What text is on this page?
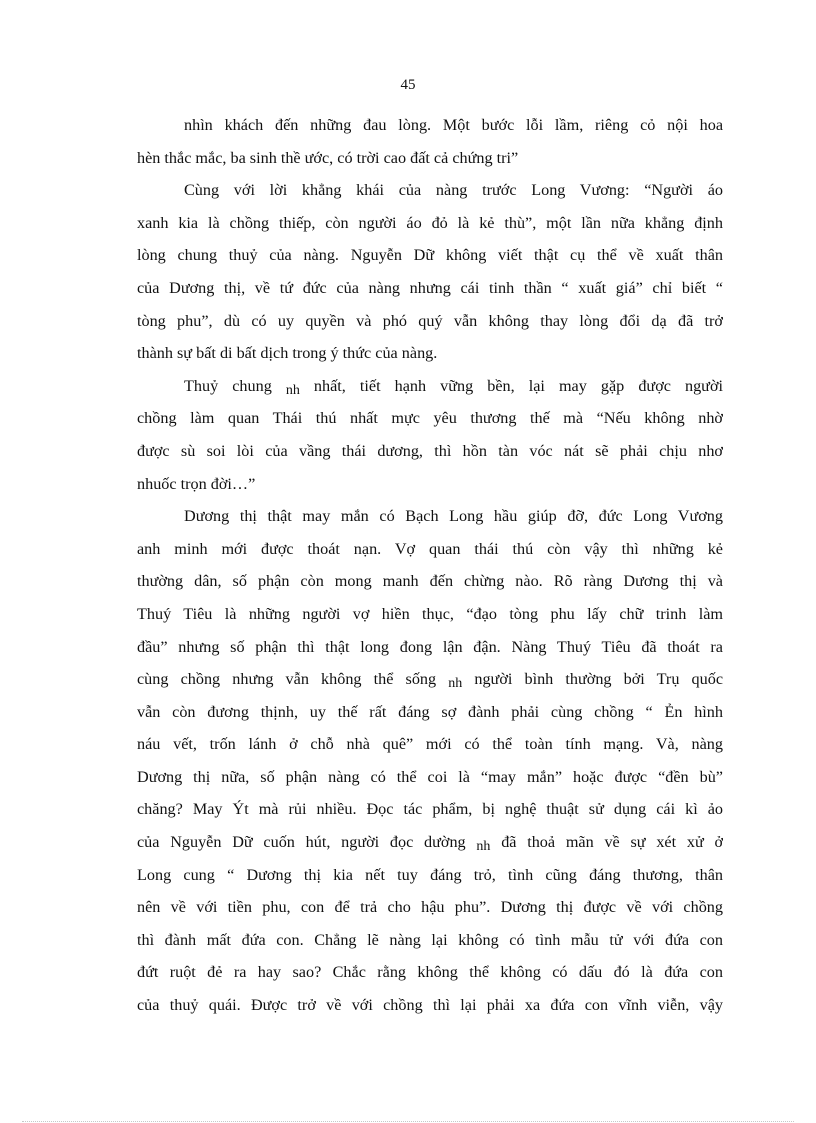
45
nhìn khách đến những đau lòng. Một bước lỗi lầm, riêng cỏ nội hoa
hèn thắc mắc, ba sinh thề ước, có trời cao đất cả chứng tri”
Cùng với lời khẳng khái của nàng trước Long Vương: “Người áo
xanh kia là chồng thiếp, còn người áo đỏ là kẻ thù”, một lần nữa khẳng định
lòng chung thuỷ của nàng. Nguyễn Dữ không viết thật cụ thể về xuất thân
của Dương thị, về tứ đức của nàng nhưng cái tinh thần “ xuất giá” chỉ biết “
tòng phu”, dù có uy quyền và phó quý vẫn không thay lòng đổi dạ đã trở
thành sự bất di bất dịch trong ý thức của nàng.
Thuỷ chung nh nhất, tiết hạnh vững bền, lại may gặp được người
chồng làm quan Thái thú nhất mực yêu thương thế mà “Nếu không nhờ
được sù soi lòi của vầng thái dương, thì hồn tàn vóc nát sẽ phải chịu nhơ
nhuốc trọn đời…”
Dương thị thật may mắn có Bạch Long hầu giúp đỡ, đức Long Vương
anh minh mới được thoát nạn. Vợ quan thái thú còn vậy thì những kẻ
thường dân, số phận còn mong manh đến chừng nào. Rõ ràng Dương thị và
Thuý Tiêu là những người vợ hiền thục, “đạo tòng phu lấy chữ trinh làm
đầu” nhưng số phận thì thật long đong lận đận. Nàng Thuý Tiêu đã thoát ra
cùng chồng nhưng vẫn không thể sống nh người bình thường bởi Trụ quốc
vẫn còn đương thịnh, uy thế rất đáng sợ đành phải cùng chồng “ Ẻn hình
náu vết, trốn lánh ở chỗ nhà quê” mới có thể toàn tính mạng. Và, nàng
Dương thị nữa, số phận nàng có thể coi là “may mắn” hoặc được “đền bù”
chăng? May Ýt mà rủi nhiều. Đọc tác phẩm, bị nghệ thuật sử dụng cái kì ảo
của Nguyễn Dữ cuốn hút, người đọc dường nh đã thoả mãn về sự xét xử ở
Long cung “ Dương thị kia nết tuy đáng trỏ, tình cũng đáng thương, thân
nên về với tiền phu, con để trả cho hậu phu”. Dương thị được về với chồng
thì đành mất đứa con. Chẳng lẽ nàng lại không có tình mẫu tử với đứa con
đứt ruột đẻ ra hay sao? Chắc rằng không thể không có dấu đó là đứa con
của thuỷ quái. Được trở về với chồng thì lại phải xa đứa con vĩnh viễn, vậy
